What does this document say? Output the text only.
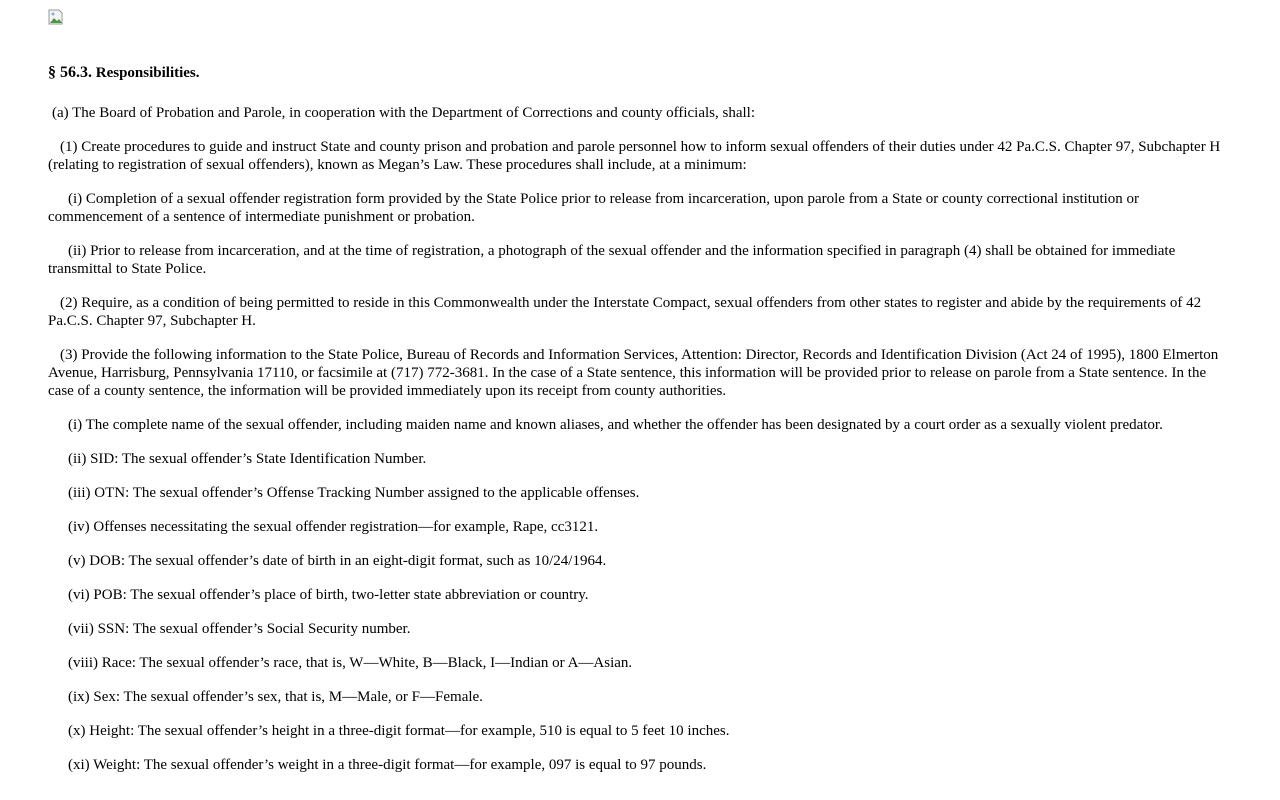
§ 56.3. Responsibilities.

(a) The Board of Probation and Parole, in cooperation with the Department of Corrections and county officials, shall:

(1) Create procedures to guide and instruct State and county prison and probation and parole personnel how to inform sexual offenders of their duties under 42 Pa.C.S. Chapter 97, Subchapter H (relating to registration of sexual offenders), known as Megan’s Law. These procedures shall include, at a minimum:

(i) Completion of a sexual offender registration form provided by the State Police prior to release from incarceration, upon parole from a State or county correctional institution or commencement of a sentence of intermediate punishment or probation.

(ii) Prior to release from incarceration, and at the time of registration, a photograph of the sexual offender and the information specified in paragraph (4) shall be obtained for immediate transmittal to State Police.

(2) Require, as a condition of being permitted to reside in this Commonwealth under the Interstate Compact, sexual offenders from other states to register and abide by the requirements of 42 Pa.C.S. Chapter 97, Subchapter H.

(3) Provide the following information to the State Police, Bureau of Records and Information Services, Attention: Director, Records and Identification Division (Act 24 of 1995), 1800 Elmerton Avenue, Harrisburg, Pennsylvania 17110, or facsimile at (717) 772-3681. In the case of a State sentence, this information will be provided prior to release on parole from a State sentence. In the case of a county sentence, the information will be provided immediately upon its receipt from county authorities.

(i) The complete name of the sexual offender, including maiden name and known aliases, and whether the offender has been designated by a court order as a sexually violent predator.

(ii) SID: The sexual offender’s State Identification Number.

(iii) OTN: The sexual offender’s Offense Tracking Number assigned to the applicable offenses.

(iv) Offenses necessitating the sexual offender registration—for example, Rape, cc3121.

(v) DOB: The sexual offender’s date of birth in an eight-digit format, such as 10/24/1964.

(vi) POB: The sexual offender’s place of birth, two-letter state abbreviation or country.

(vii) SSN: The sexual offender’s Social Security number.

(viii) Race: The sexual offender’s race, that is, W—White, B—Black, I—Indian or A—Asian.

(ix) Sex: The sexual offender’s sex, that is, M—Male, or F—Female.

(x) Height: The sexual offender’s height in a three-digit format—for example, 510 is equal to 5 feet 10 inches.

(xi) Weight: The sexual offender’s weight in a three-digit format—for example, 097 is equal to 97 pounds.
